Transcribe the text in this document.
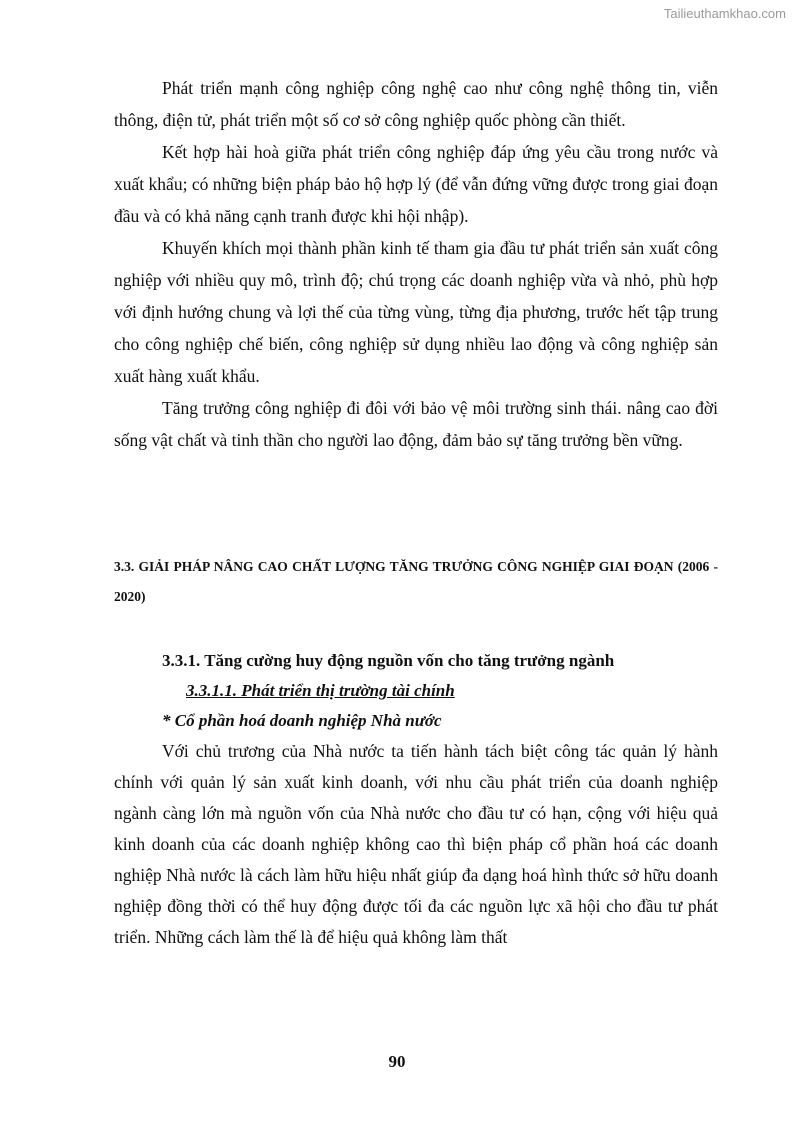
Tailieuthamkhao.com

Phát triển mạnh công nghiệp công nghệ cao như công nghệ thông tin, viễn thông, điện tử, phát triển một số cơ sở công nghiệp quốc phòng cần thiết.

Kết hợp hài hoà giữa phát triển công nghiệp đáp ứng yêu cầu trong nước và xuất khẩu; có những biện pháp bảo hộ hợp lý (để vẫn đứng vững được trong giai đoạn đầu và có khả năng cạnh tranh được khi hội nhập).

Khuyến khích mọi thành phần kinh tế tham gia đầu tư phát triển sản xuất công nghiệp với nhiều quy mô, trình độ; chú trọng các doanh nghiệp vừa và nhỏ, phù hợp với định hướng chung và lợi thế của từng vùng, từng địa phương, trước hết tập trung cho công nghiệp chế biến, công nghiệp sử dụng nhiều lao động và công nghiệp sản xuất hàng xuất khẩu.

Tăng trưởng công nghiệp đi đôi với bảo vệ môi trường sinh thái. nâng cao đời sống vật chất và tinh thần cho người lao động, đảm bảo sự tăng trưởng bền vững.

3.3. GIẢI PHÁP NÂNG CAO CHẤT LƯỢNG TĂNG TRƯỞNG CÔNG NGHIỆP GIAI ĐOẠN (2006 - 2020)

3.3.1. Tăng cường huy động nguồn vốn cho tăng trưởng ngành

3.3.1.1. Phát triển thị trường tài chính

* Cổ phần hoá doanh nghiệp Nhà nước

Với chủ trương của Nhà nước ta tiến hành tách biệt công tác quản lý hành chính với quản lý sản xuất kinh doanh, với nhu cầu phát triển của doanh nghiệp ngành càng lớn mà nguồn vốn của Nhà nước cho đầu tư có hạn, cộng với hiệu quả kinh doanh của các doanh nghiệp không cao thì biện pháp cổ phần hoá các doanh nghiệp Nhà nước là cách làm hữu hiệu nhất giúp đa dạng hoá hình thức sở hữu doanh nghiệp đồng thời có thể huy động được tối đa các nguồn lực xã hội cho đầu tư phát triển. Những cách làm thế là để hiệu quả không làm thất

90
